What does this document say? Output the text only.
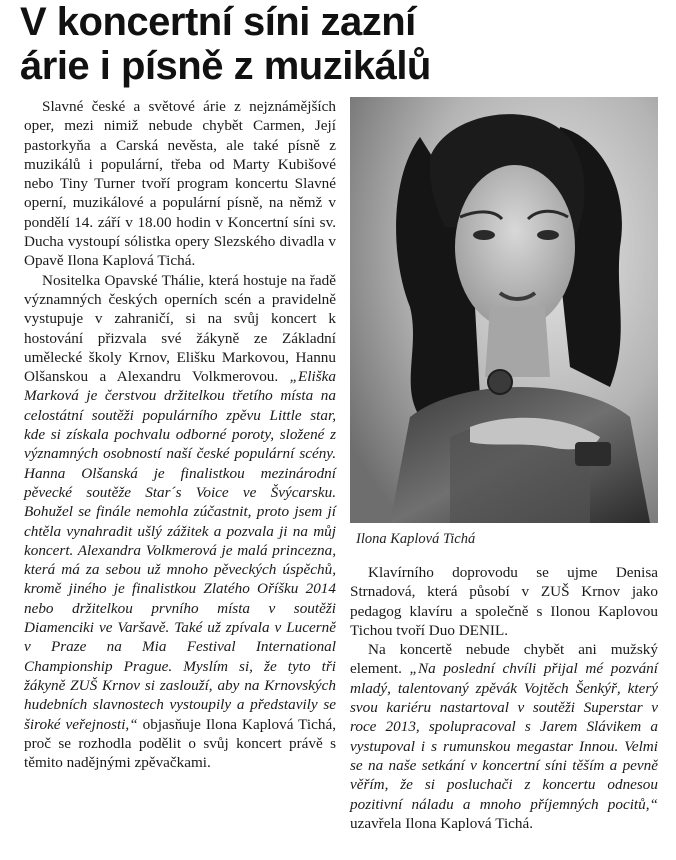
V koncertní síni zazní
árie i písně z muzikálů

Slavné české a světové árie z nejznámějších oper, mezi nimiž nebude chybět Carmen, Její pastorkyňa a Carská nevěsta, ale také písně z muzikálů i populární, třeba od Marty Kubišové nebo Tiny Turner tvoří program koncertu Slavné operní, muzikálové a populární písně, na němž v pondělí 14. září v 18.00 hodin v Koncertní síni sv. Ducha vystoupí sólistka opery Slezského divadla v Opavě Ilona Kaplová Tichá.

Nositelka Opavské Thálie, která hostuje na řadě významných českých operních scén a pravidelně vystupuje v zahraničí, si na svůj koncert k hostování přizvala své žákyně ze Základní umělecké školy Krnov, Elišku Markovou, Hannu Olšanskou a Alexandru Volkmerovou. „Eliška Marková je čerstvou držitelkou třetího místa na celostátní soutěži populárního zpěvu Little star, kde si získala pochvalu odborné poroty, složené z významných osobností naší české populární scény. Hanna Olšanská je finalistkou mezinárodní pěvecké soutěže Star´s Voice ve Švýcarsku. Bohužel se finále nemohla zúčastnit, proto jsem jí chtěla vynahradit ušlý zážitek a pozvala ji na můj koncert. Alexandra Volkmerová je malá princezna, která má za sebou už mnoho pěveckých úspěchů, kromě jiného je finalistkou Zlatého Oříšku 2014 nebo držitelkou prvního místa v soutěži Diamenciki ve Varšavě. Také už zpívala v Lucerně v Praze na Mia Festival International Championship Prague. Myslím si, že tyto tři žákyně ZUŠ Krnov si zaslouží, aby na Krnovských hudebních slavnostech vystoupily a představily se široké veřejnosti,“ objasňuje Ilona Kaplová Tichá, proč se rozhodla podělit o svůj koncert právě s těmito nadějnými zpěvačkami.

Ilona Kaplová Tichá

Klavírního doprovodu se ujme Denisa Strnadová, která působí v ZUŠ Krnov jako pedagog klavíru a společně s Ilonou Kaplovou Tichou tvoří Duo DENIL.

Na koncertě nebude chybět ani mužský element. „Na poslední chvíli přijal mé pozvání mladý, talentovaný zpěvák Vojtěch Šenkýř, který svou kariéru nastartoval v soutěži Superstar v roce 2013, spolupracoval s Jarem Slávikem a vystupoval i s rumunskou megastar Innou. Velmi se na naše setkání v koncertní síni těším a pevně věřím, že si posluchači z koncertu odnesou pozitivní náladu a mnoho příjemných pocitů,“ uzavřela Ilona Kaplová Tichá.
